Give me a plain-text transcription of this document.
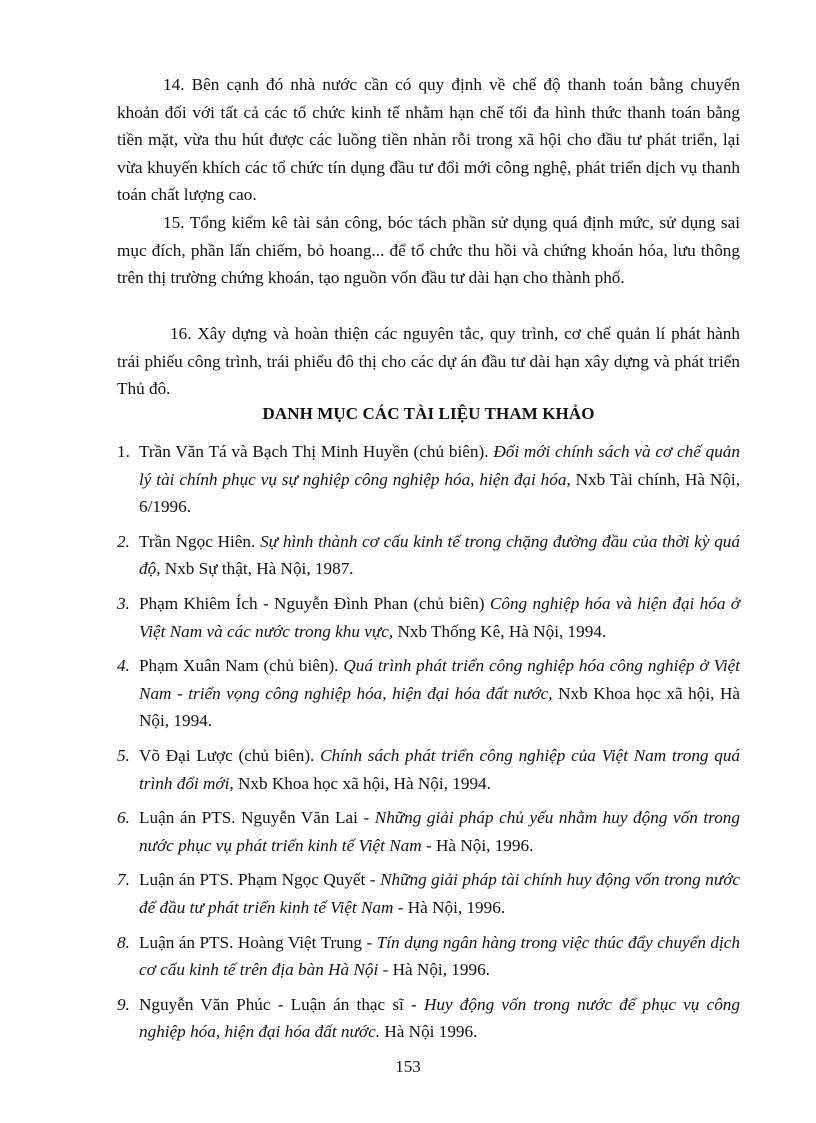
14. Bên cạnh đó nhà nước cần có quy định về chế độ thanh toán bằng chuyển khoản đối với tất cả các tổ chức kinh tế nhằm hạn chế tối đa hình thức thanh toán bằng tiền mặt, vừa thu hút được các luồng tiền nhàn rỗi trong xã hội cho đầu tư phát triển, lại vừa khuyến khích các tổ chức tín dụng đầu tư đổi mới công nghệ, phát triển dịch vụ thanh toán chất lượng cao.

15. Tổng kiểm kê tài sản công, bóc tách phần sử dụng quá định mức, sử dụng sai mục đích, phần lấn chiếm, bỏ hoang... để tổ chức thu hồi và chứng khoán hóa, lưu thông trên thị trường chứng khoán, tạo nguồn vốn đầu tư dài hạn cho thành phố.

16. Xây dựng và hoàn thiện các nguyên tắc, quy trình, cơ chế quản lí phát hành trái phiếu công trình, trái phiếu đô thị cho các dự án đầu tư dài hạn xây dựng và phát triển Thủ đô.

DANH MỤC CÁC TÀI LIỆU THAM KHẢO
1. Trần Văn Tá và Bạch Thị Minh Huyền (chủ biên). Đổi mới chính sách và cơ chế quản lý tài chính phục vụ sự nghiệp công nghiệp hóa, hiện đại hóa, Nxb Tài chính, Hà Nội, 6/1996.
2. Trần Ngọc Hiên. Sự hình thành cơ cấu kinh tế trong chặng đường đầu của thời kỳ quá độ, Nxb Sự thật, Hà Nội, 1987.
3. Phạm Khiêm Ích - Nguyễn Đình Phan (chủ biên) Công nghiệp hóa và hiện đại hóa ở Việt Nam và các nước trong khu vực, Nxb Thống Kê, Hà Nội, 1994.
4. Phạm Xuân Nam (chủ biên). Quá trình phát triển công nghiệp hóa công nghiệp ở Việt Nam - triển vọng công nghiệp hóa, hiện đại hóa đất nước, Nxb Khoa học xã hội, Hà Nội, 1994.
5. Võ Đại Lược (chủ biên). Chính sách phát triển công nghiệp của Việt Nam trong quá trình đổi mới, Nxb Khoa học xã hội, Hà Nội, 1994.
6. Luận án PTS. Nguyễn Văn Lai - Những giải pháp chủ yếu nhằm huy động vốn trong nước phục vụ phát triển kinh tế Việt Nam - Hà Nội, 1996.
7. Luận án PTS. Phạm Ngọc Quyết - Những giải pháp tài chính huy động vốn trong nước để đầu tư phát triển kinh tế Việt Nam - Hà Nội, 1996.
8. Luận án PTS. Hoàng Việt Trung - Tín dụng ngân hàng trong việc thúc đẩy chuyển dịch cơ cấu kinh tế trên địa bàn Hà Nội - Hà Nội, 1996.
9. Nguyễn Văn Phúc - Luận án thạc sĩ - Huy động vốn trong nước để phục vụ công nghiệp hóa, hiện đại hóa đất nước. Hà Nội 1996.
153
